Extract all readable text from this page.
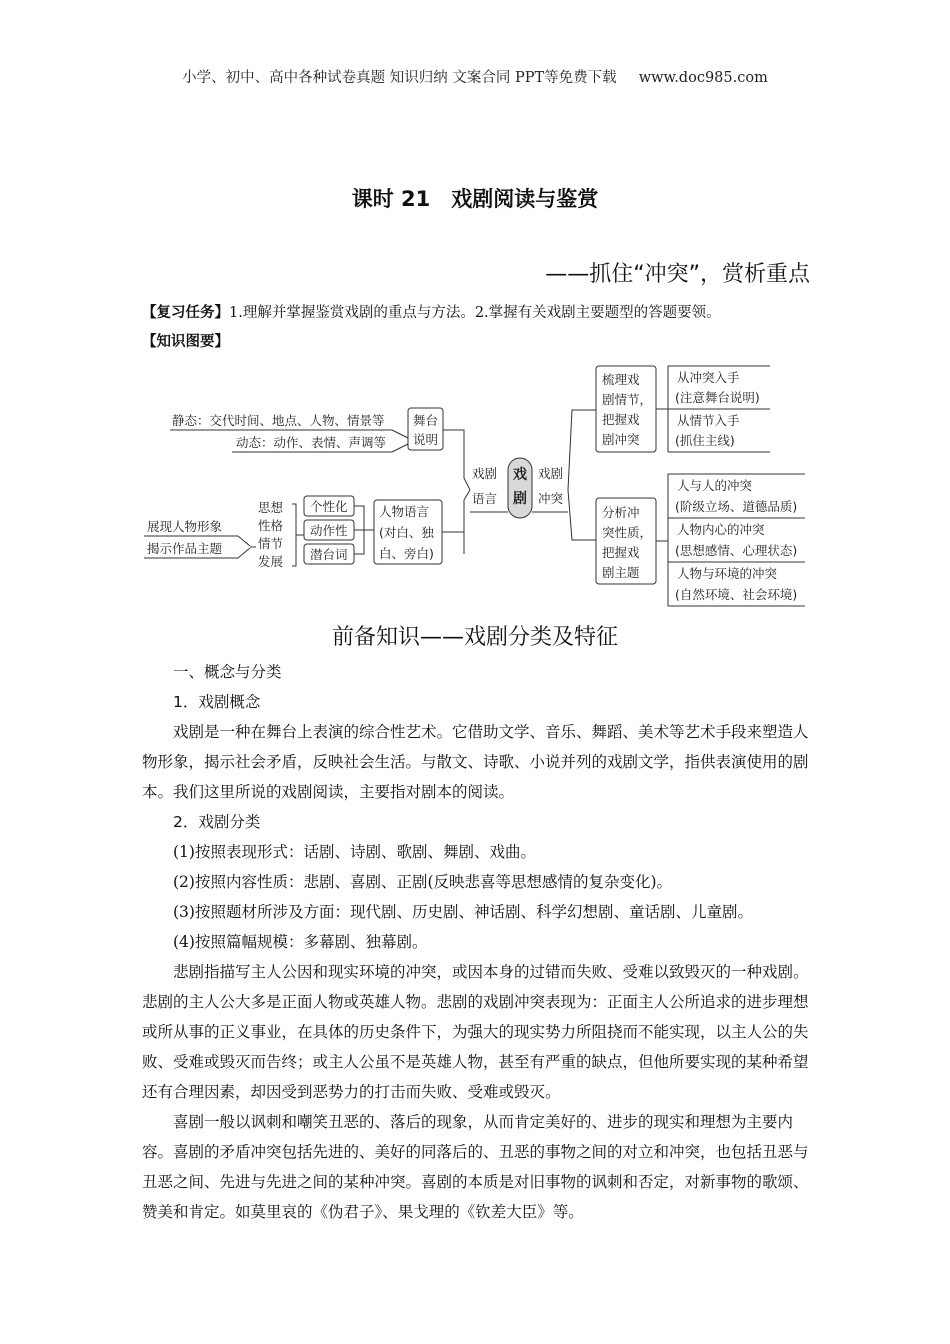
小学、初中、高中各种试卷真题 知识归纳 文案合同 PPT等免费下载 www.doc985.com
课时 21　戏剧阅读与鉴赏
——抓住“冲突”，赏析重点
【复习任务】1.理解并掌握鉴赏戏剧的重点与方法。2.掌握有关戏剧主要题型的答题要领。
【知识图要】
静态：交代时间、地点、人物、情景等
动态：动作、表情、声调等
舞台
说明
戏剧
语言
戏
剧
戏剧
冲突
梳理戏
剧情节，
把握戏
剧冲突
从冲突入手
(注意舞台说明)
从情节入手
(抓住主线)
分析冲
突性质，
把握戏
剧主题
人与人的冲突
(阶级立场、道德品质)
人物内心的冲突
(思想感情、心理状态)
人物与环境的冲突
(自然环境、社会环境)
展现人物形象
揭示作品主题
思想
性格
情节
发展
个性化
动作性
潜台词
人物语言
(对白、独
白、旁白)
前备知识——戏剧分类及特征

一、概念与分类

1．戏剧概念

戏剧是一种在舞台上表演的综合性艺术。它借助文学、音乐、舞蹈、美术等艺术手段来塑造人物形象，揭示社会矛盾，反映社会生活。与散文、诗歌、小说并列的戏剧文学，指供表演使用的剧本。我们这里所说的戏剧阅读，主要指对剧本的阅读。

2．戏剧分类

(1)按照表现形式：话剧、诗剧、歌剧、舞剧、戏曲。

(2)按照内容性质：悲剧、喜剧、正剧(反映悲喜等思想感情的复杂变化)。

(3)按照题材所涉及方面：现代剧、历史剧、神话剧、科学幻想剧、童话剧、儿童剧。

(4)按照篇幅规模：多幕剧、独幕剧。

悲剧指描写主人公因和现实环境的冲突，或因本身的过错而失败、受难以致毁灭的一种戏剧。悲剧的主人公大多是正面人物或英雄人物。悲剧的戏剧冲突表现为：正面主人公所追求的进步理想或所从事的正义事业，在具体的历史条件下，为强大的现实势力所阻挠而不能实现，以主人公的失败、受难或毁灭而告终；或主人公虽不是英雄人物，甚至有严重的缺点，但他所要实现的某种希望还有合理因素，却因受到恶势力的打击而失败、受难或毁灭。

喜剧一般以讽刺和嘲笑丑恶的、落后的现象，从而肯定美好的、进步的现实和理想为主要内容。喜剧的矛盾冲突包括先进的、美好的同落后的、丑恶的事物之间的对立和冲突，也包括丑恶与丑恶之间、先进与先进之间的某种冲突。喜剧的本质是对旧事物的讽刺和否定，对新事物的歌颂、赞美和肯定。如莫里哀的《伪君子》、果戈理的《钦差大臣》等。
